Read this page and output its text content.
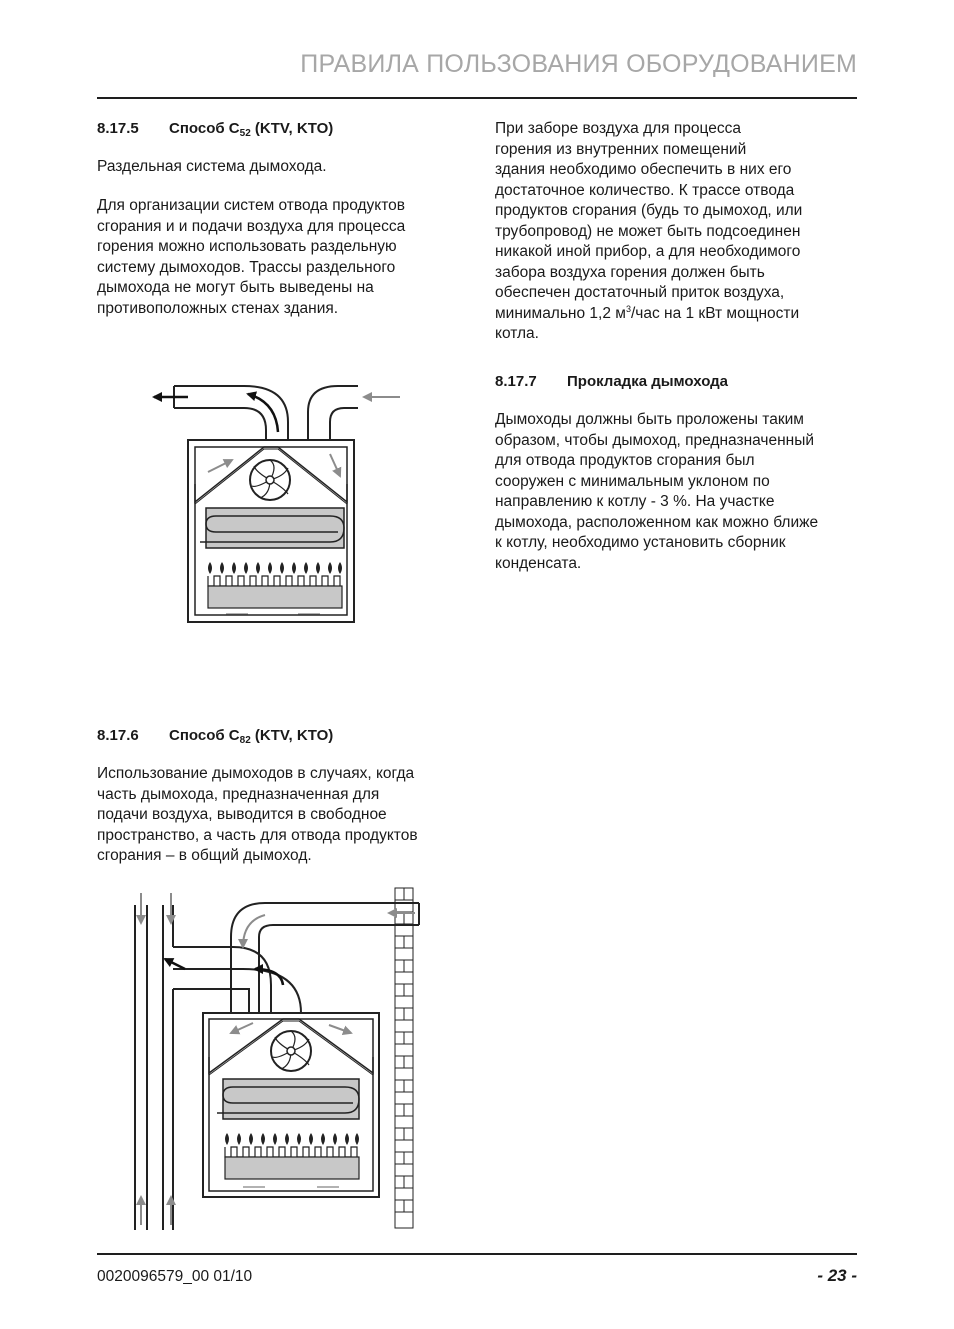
ПРАВИЛА ПОЛЬЗОВАНИЯ ОБОРУДОВАНИЕМ
8.17.5 Способ $С_{52}$ (KTV, KTO)
Раздельная система дымохода.
Для организации систем отвода продуктов
сгорания и и подачи воздуха для процесса
горения можно использовать раздельную
систему дымоходов. Трассы раздельного
дымохода не могут быть выведены на
противоположных стенах здания.
8.17.6 Способ $С_{82}$ (KTV, KTO)
Использование дымоходов в случаях, когда
часть дымохода, предназначенная для
подачи воздуха, выводится в свободное
пространство, а часть для отвода продуктов
сгорания – в общий дымоход.
При заборе воздуха для процесса
горения из внутренних помещений
здания необходимо обеспечить в них его
достаточное количество. К трассе отвода
продуктов сгорания (будь то дымоход, или
трубопровод) не может быть подсоединен
никакой иной прибор, а для необходимого
забора воздуха горения должен быть
обеспечен достаточный приток воздуха,
минимально 1,2 $м^3$/час на 1 кВт мощности
котла.
8.17.7 Прокладка дымохода
Дымоходы должны быть проложены таким
образом, чтобы дымоход, предназначенный
для отвода продуктов сгорания был
сооружен с минимальным уклоном по
направлению к котлу - 3 %. На участке
дымохода, расположенном как можно ближе
к котлу, необходимо установить сборник
конденсата.
0020096579_00 01/10	- 23 -
